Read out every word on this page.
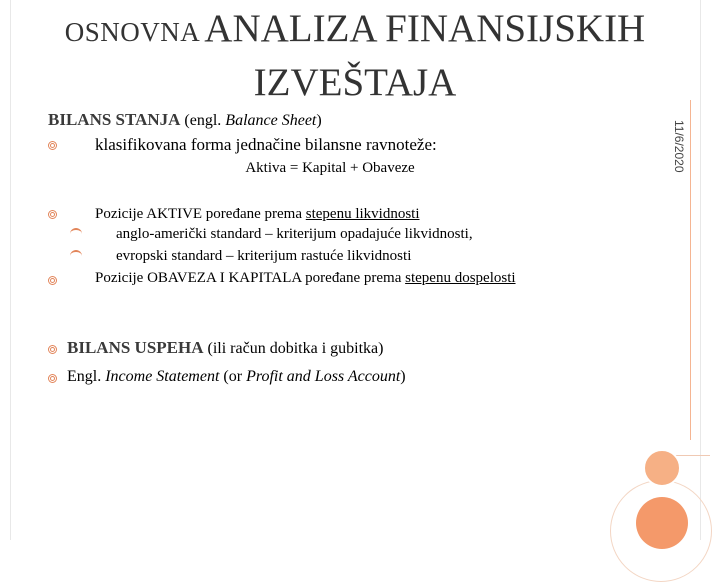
OSNOVNA ANALIZA FINANSIJSKIH
IZVEŠTAJA
11/6/2020
BILANS STANJA (engl. Balance Sheet)
klasifikovana forma jednačine bilansne ravnoteže:
Aktiva = Kapital + Obaveze
Pozicije AKTIVE poređane prema stepenu likvidnosti
anglo-američki standard – kriterijum opadajuće likvidnosti,
evropski standard – kriterijum rastuće likvidnosti
Pozicije OBAVEZA I KAPITALA poređane prema stepenu dospelosti
BILANS USPEHA (ili račun dobitka i gubitka)
Engl. Income Statement (or Profit and Loss Account)
